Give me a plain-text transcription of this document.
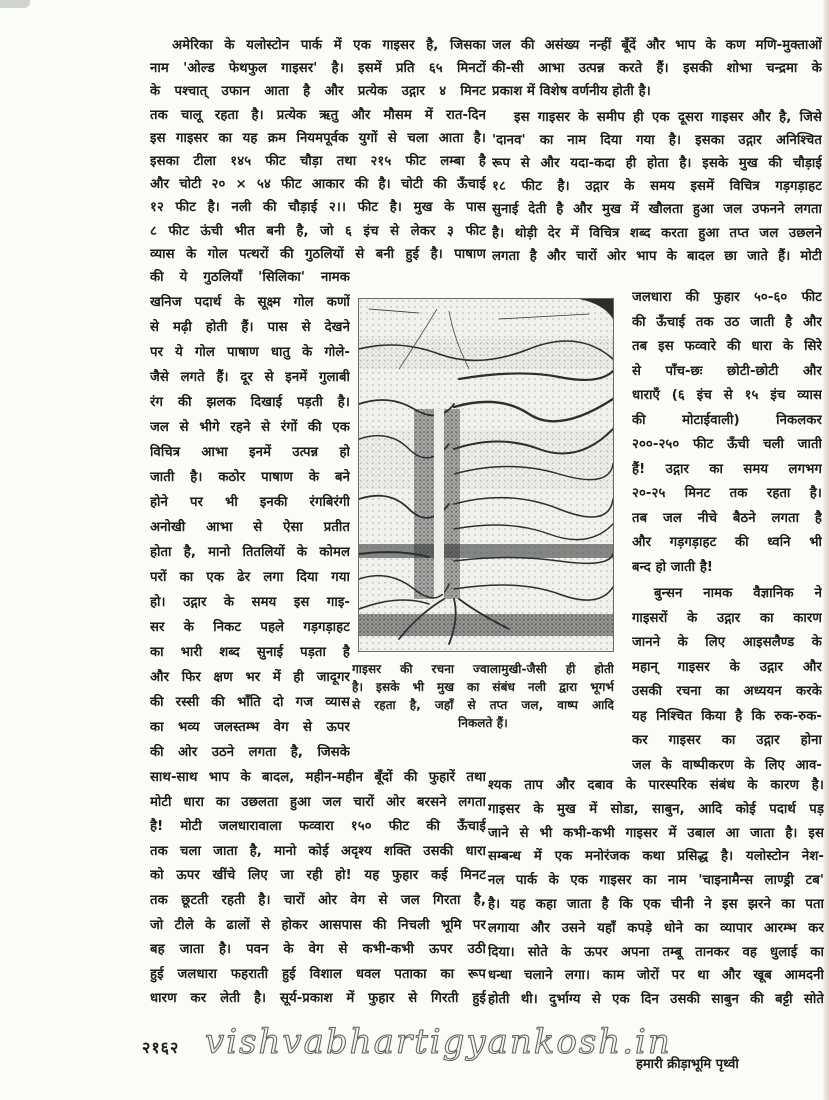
अमेरिका के यलोस्टोन पार्क में एक गाइसर है, जिसका
नाम 'ओल्ड फेथफुल गाइसर' है। इसमें प्रति ६५ मिनटों
के पश्चात् उफान आता है और प्रत्येक उद्गार ४ मिनट
तक चालू रहता है। प्रत्येक ऋतु और मौसम में रात-दिन
इस गाइसर का यह क्रम नियमपूर्वक युगों से चला आता है।
इसका टीला १४५ फीट चौड़ा तथा २१५ फीट लम्बा है
और चोटी २० × ५४ फीट आकार की है। चोटी की ऊँचाई
१२ फीट है। नली की चौड़ाई २।। फीट है। मुख के पास
८ फीट ऊंची भीत बनी है, जो ६ इंच से लेकर ३ फीट
व्यास के गोल पत्थरों की गुठलियों से बनी हुई है। पाषाण
जल की असंख्य नन्हीं बूँदें और भाप के कण मणि-मुक्ताओं
की-सी आभा उत्पन्न करते हैं। इसकी शोभा चन्द्रमा के
प्रकाश में विशेष वर्णनीय होती है।
इस गाइसर के समीप ही एक दूसरा गाइसर और है, जिसे
'दानव' का नाम दिया गया है। इसका उद्गार अनिश्चित
रूप से और यदा-कदा ही होता है। इसके मुख की चौड़ाई
१८ फीट है। उद्गार के समय इसमें विचित्र गड़गड़ाहट
सुनाई देती है और मुख में खौलता हुआ जल उफनने लगता
है। थोड़ी देर में विचित्र शब्द करता हुआ तप्त जल उछलने
लगता है और चारों ओर भाप के बादल छा जाते हैं। मोटी
की ये गुठलियाँ 'सिलिका' नामक
खनिज पदार्थ के सूक्ष्म गोल कणों
से मढ़ी होती हैं। पास से देखने
पर ये गोल पाषाण धातु के गोले-
जैसे लगते हैं। दूर से इनमें गुलाबी
रंग की झलक दिखाई पड़ती है।
जल से भीगे रहने से रंगों की एक
विचित्र आभा इनमें उत्पन्न हो
जाती है। कठोर पाषाण के बने
होने पर भी इनकी रंगबिरंगी
अनोखी आभा से ऐसा प्रतीत
होता है, मानो तितलियों के कोमल
परों का एक ढेर लगा दिया गया
हो। उद्गार के समय इस गाइ-
सर के निकट पहले गड़गड़ाहट
का भारी शब्द सुनाई पड़ता है
और फिर क्षण भर में ही जादूगर
की रस्सी की भाँति दो गज व्यास
का भव्य जलस्तम्भ वेग से ऊपर
की ओर उठने लगता है, जिसके
जलधारा की फुहार ५०-६० फीट
की ऊँचाई तक उठ जाती है और
तब इस फव्वारे की धारा के सिरे
से पाँच-छः छोटी-छोटी और
धाराएँ (६ इंच से १५ इंच व्यास
की मोटाईवाली) निकलकर
२००-२५० फीट ऊँची चली जाती
हैं! उद्गार का समय लगभग
२०-२५ मिनट तक रहता है।
तब जल नीचे बैठने लगता है
और गड़गड़ाहट की ध्वनि भी
बन्द हो जाती है!
बुन्सन नामक वैज्ञानिक ने
गाइसरों के उद्गार का कारण
जानने के लिए आइसलैण्ड के
महान् गाइसर के उद्गार और
उसकी रचना का अध्ययन करके
यह निश्चित किया है कि रुक-रुक-
कर गाइसर का उद्गार होना
जल के वाष्पीकरण के लिए आव-
साथ-साथ भाप के बादल, महीन-महीन बूँदों की फुहारें तथा
मोटी धारा का उछलता हुआ जल चारों ओर बरसने लगता
है! मोटी जलधारावाला फव्वारा १५० फीट की ऊँचाई
तक चला जाता है, मानो कोई अदृश्य शक्ति उसकी धारा
को ऊपर खींचे लिए जा रही हो! यह फुहार कई मिनट
तक छूटती रहती है। चारों ओर वेग से जल गिरता है,
जो टीले के ढालों से होकर आसपास की निचली भूमि पर
बह जाता है। पवन के वेग से कभी-कभी ऊपर उठी
हुई जलधारा फहराती हुई विशाल धवल पताका का रूप
धारण कर लेती है। सूर्य-प्रकाश में फुहार से गिरती हुई
श्यक ताप और दबाव के पारस्परिक संबंध के कारण है।
गाइसर के मुख में सोडा, साबुन, आदि कोई पदार्थ पड़
जाने से भी कभी-कभी गाइसर में उबाल आ जाता है। इस
सम्बन्ध में एक मनोरंजक कथा प्रसिद्ध है। यलोस्टोन नेश-
नल पार्क के एक गाइसर का नाम 'चाइनामैन्स लाण्ड्री टब'
है। यह कहा जाता है कि एक चीनी ने इस झरने का पता
लगाया और उसने यहाँ कपड़े धोने का व्यापार आरम्भ कर
दिया। सोते के ऊपर अपना तम्बू तानकर वह धुलाई का
धन्धा चलाने लगा। काम जोरों पर था और खूब आमदनी
होती थी। दुर्भाग्य से एक दिन उसकी साबुन की बट्टी सोते
गाइसर की रचना ज्वालामुखी-जैसी ही होती
है। इसके भी मुख का संबंध नली द्वारा भूगर्भ
से रहता है, जहाँ से तप्त जल, वाष्प आदि
निकलते हैं।
२१६२ vishvabhartigyankosh.in
हमारी क्रीड़ाभूमि पृथ्वी
